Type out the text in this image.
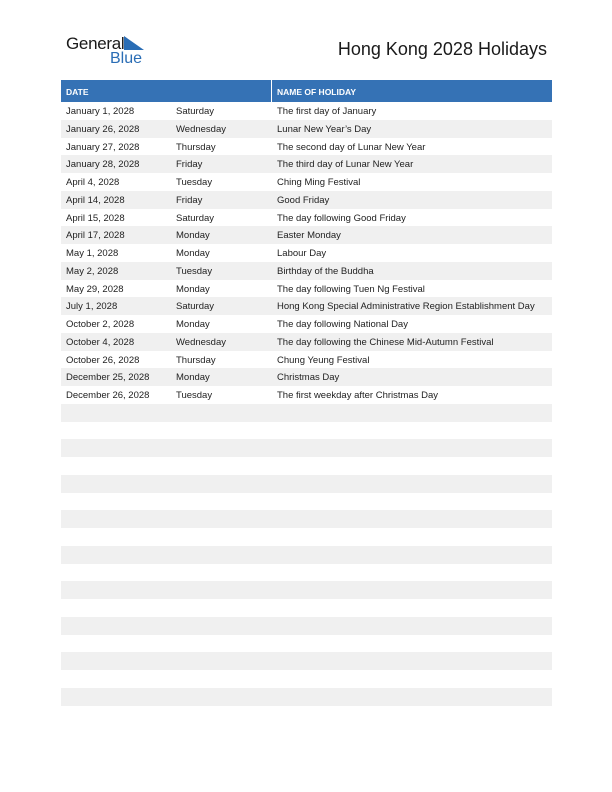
General
Blue	Hong Kong 2028 Holidays
DATE	NAME OF HOLIDAY
January 1, 2028	Saturday	The first day of January
January 26, 2028	Wednesday	Lunar New Year’s Day
January 27, 2028	Thursday	The second day of Lunar New Year
January 28, 2028	Friday	The third day of Lunar New Year
April 4, 2028	Tuesday	Ching Ming Festival
April 14, 2028	Friday	Good Friday
April 15, 2028	Saturday	The day following Good Friday
April 17, 2028	Monday	Easter Monday
May 1, 2028	Monday	Labour Day
May 2, 2028	Tuesday	Birthday of the Buddha
May 29, 2028	Monday	The day following Tuen Ng Festival
July 1, 2028	Saturday	Hong Kong Special Administrative Region Establishment Day
October 2, 2028	Monday	The day following National Day
October 4, 2028	Wednesday	The day following the Chinese Mid-Autumn Festival
October 26, 2028	Thursday	Chung Yeung Festival
December 25, 2028	Monday	Christmas Day
December 26, 2028	Tuesday	The first weekday after Christmas Day
